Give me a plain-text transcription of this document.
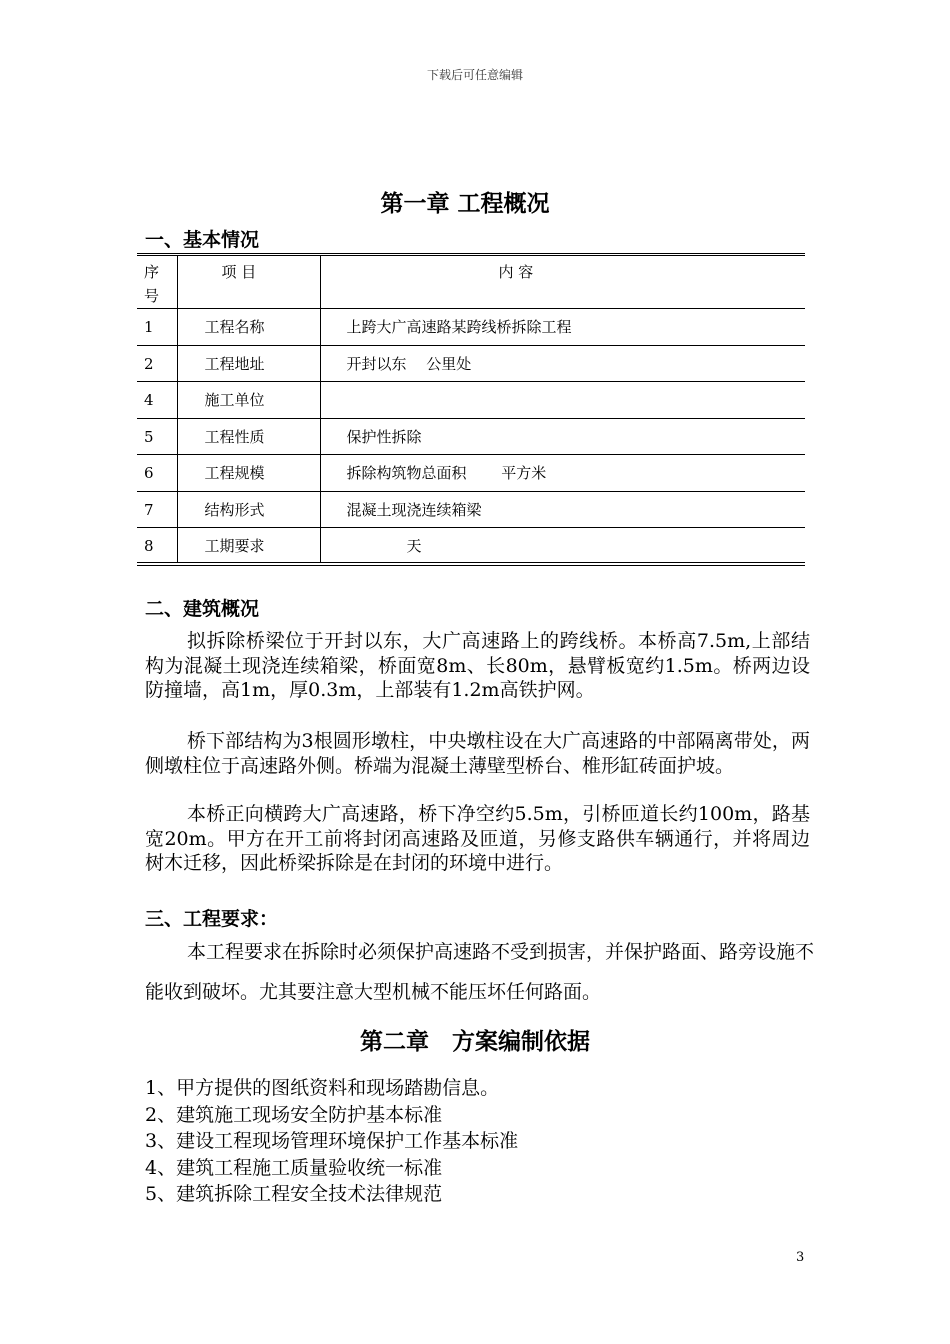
下载后可任意编辑
第一章 工程概况
一、基本情况
序号	项 目	内 容
1	工程名称	上跨大广高速路某跨线桥拆除工程
2	工程地址	开封以东　 公里处
4	施工单位	
5	工程性质	保护性拆除
6	工程规模	拆除构筑物总面积　　 平方米
7	结构形式	混凝土现浇连续箱梁
8	工期要求	　　　　天
二、建筑概况
拟拆除桥梁位于开封以东，大广高速路上的跨线桥。本桥高7.5m,上部结构为混凝土现浇连续箱梁，桥面宽8m、长80m，悬臂板宽约1.5m。桥两边设防撞墙，高1m，厚0.3m，上部装有1.2m高铁护网。
桥下部结构为3根圆形墩柱，中央墩柱设在大广高速路的中部隔离带处，两侧墩柱位于高速路外侧。桥端为混凝土薄壁型桥台、椎形缸砖面护坡。
本桥正向横跨大广高速路，桥下净空约5.5m，引桥匝道长约100m，路基宽20m。甲方在开工前将封闭高速路及匝道，另修支路供车辆通行，并将周边树木迁移，因此桥梁拆除是在封闭的环境中进行。
三、工程要求：
本工程要求在拆除时必须保护高速路不受到损害，并保护路面、路旁设施不能收到破坏。尤其要注意大型机械不能压坏任何路面。
第二章　方案编制依据
1、甲方提供的图纸资料和现场踏勘信息。
2、建筑施工现场安全防护基本标准
3、建设工程现场管理环境保护工作基本标准
4、建筑工程施工质量验收统一标准
5、建筑拆除工程安全技术法律规范
3
